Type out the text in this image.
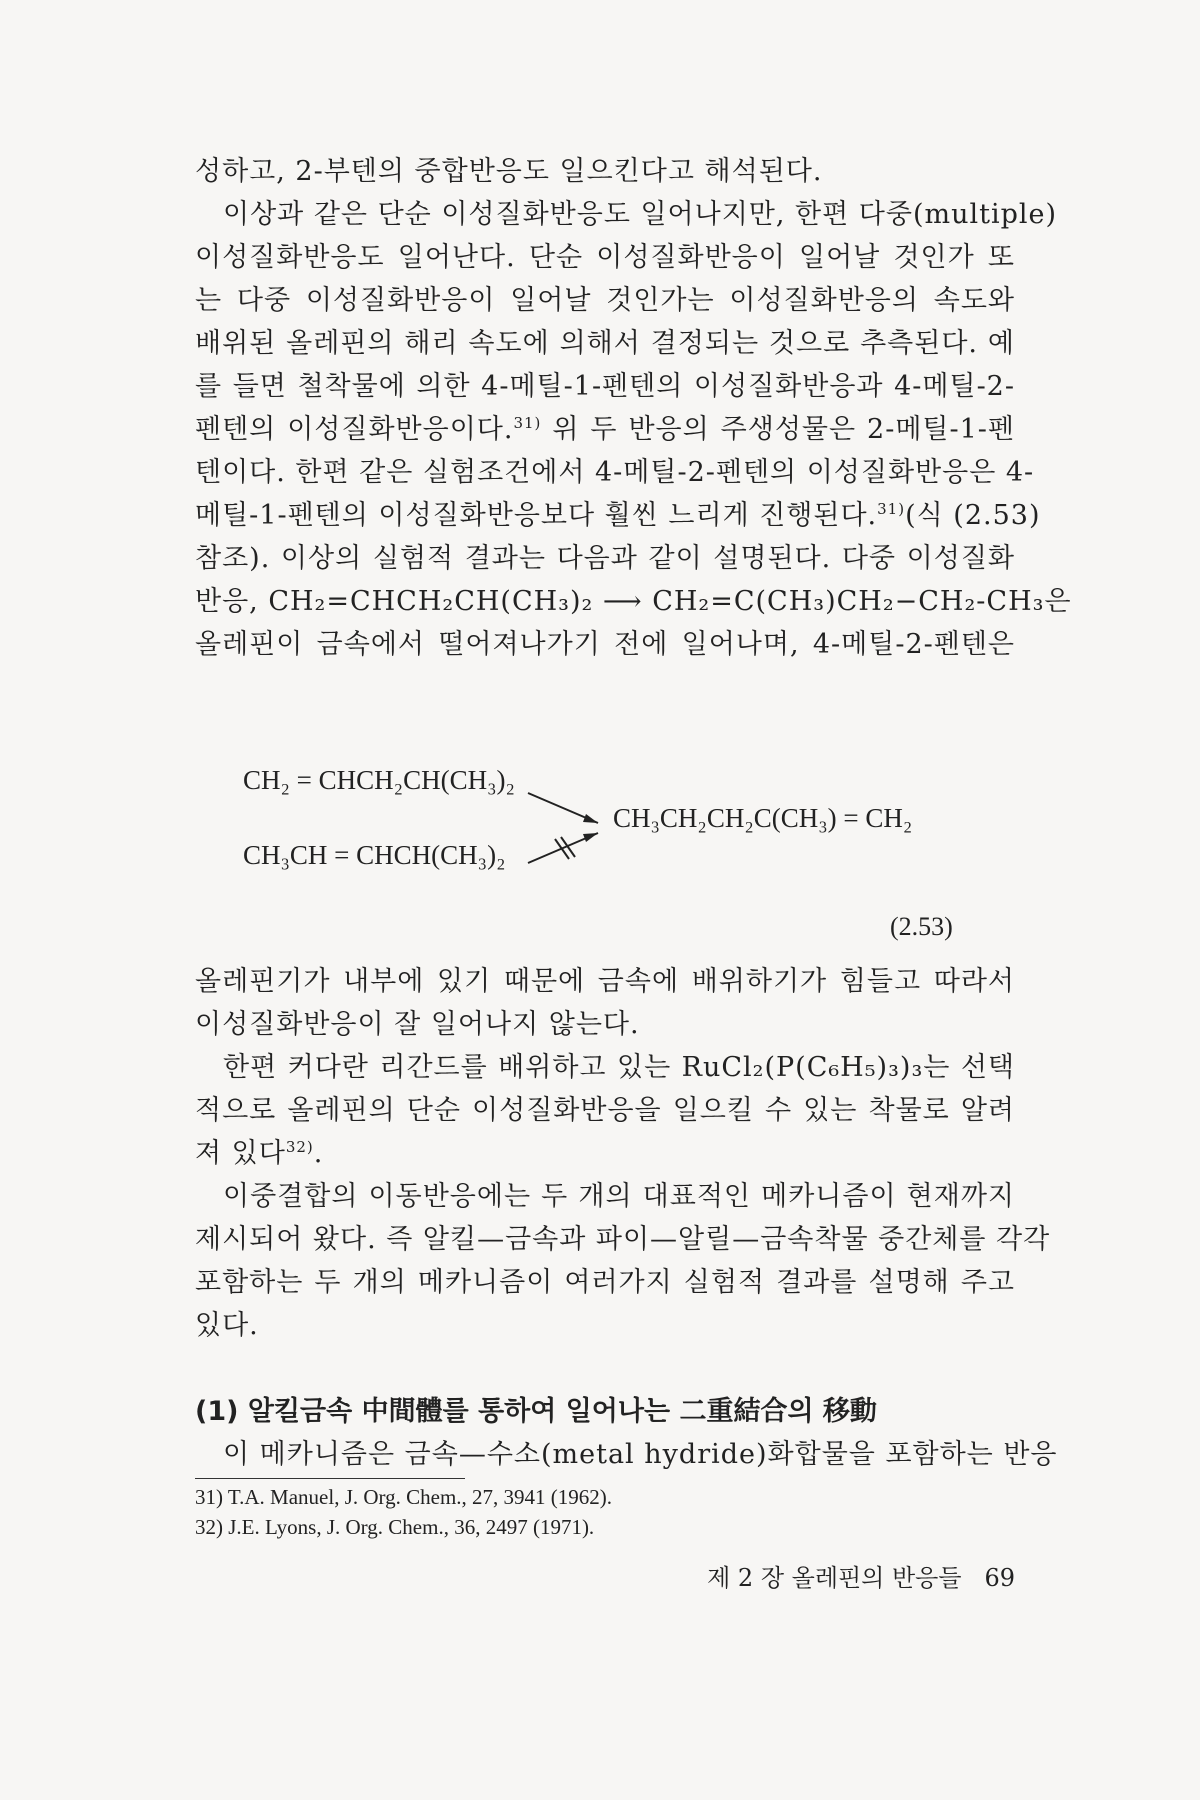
성하고, 2-부텐의 중합반응도 일으킨다고 해석된다.
이상과 같은 단순 이성질화반응도 일어나지만, 한편 다중(multiple)
이성질화반응도 일어난다. 단순 이성질화반응이 일어날 것인가 또
는 다중 이성질화반응이 일어날 것인가는 이성질화반응의 속도와
배위된 올레핀의 해리 속도에 의해서 결정되는 것으로 추측된다. 예
를 들면 철착물에 의한 4-메틸-1-펜텐의 이성질화반응과 4-메틸-2-
펜텐의 이성질화반응이다.$^{31)}$ 위 두 반응의 주생성물은 2-메틸-1-펜
텐이다. 한편 같은 실험조건에서 4-메틸-2-펜텐의 이성질화반응은 4-
메틸-1-펜텐의 이성질화반응보다 훨씬 느리게 진행된다.$^{31)}$(식 (2.53)
참조). 이상의 실험적 결과는 다음과 같이 설명된다. 다중 이성질화
반응, CH₂=CHCH₂CH(CH₃)₂ ⟶ CH₂=C(CH₃)CH₂−CH₂-CH₃은
올레핀이 금속에서 떨어져나가기 전에 일어나며, 4-메틸-2-펜텐은
CH₂ = CHCH₂CH(CH₃)₂
CH₃CH = CHCH(CH₃)₂
CH₃CH₂CH₂C(CH₃) = CH₂
(2.53)
올레핀기가 내부에 있기 때문에 금속에 배위하기가 힘들고 따라서
이성질화반응이 잘 일어나지 않는다.
한편 커다란 리간드를 배위하고 있는 RuCl₂(P(C₆H₅)₃)₃는 선택
적으로 올레핀의 단순 이성질화반응을 일으킬 수 있는 착물로 알려
져 있다$^{32)}$.
이중결합의 이동반응에는 두 개의 대표적인 메카니즘이 현재까지
제시되어 왔다. 즉 알킬—금속과 파이—알릴—금속착물 중간체를 각각
포함하는 두 개의 메카니즘이 여러가지 실험적 결과를 설명해 주고
있다.
(1) 알킬금속 中間體를 통하여 일어나는 二重結合의 移動
이 메카니즘은 금속—수소(metal hydride)화합물을 포함하는 반응
31) T.A. Manuel, J. Org. Chem., 27, 3941 (1962).
32) J.E. Lyons, J. Org. Chem., 36, 2497 (1971).
제 2 장 올레핀의 반응들 69
